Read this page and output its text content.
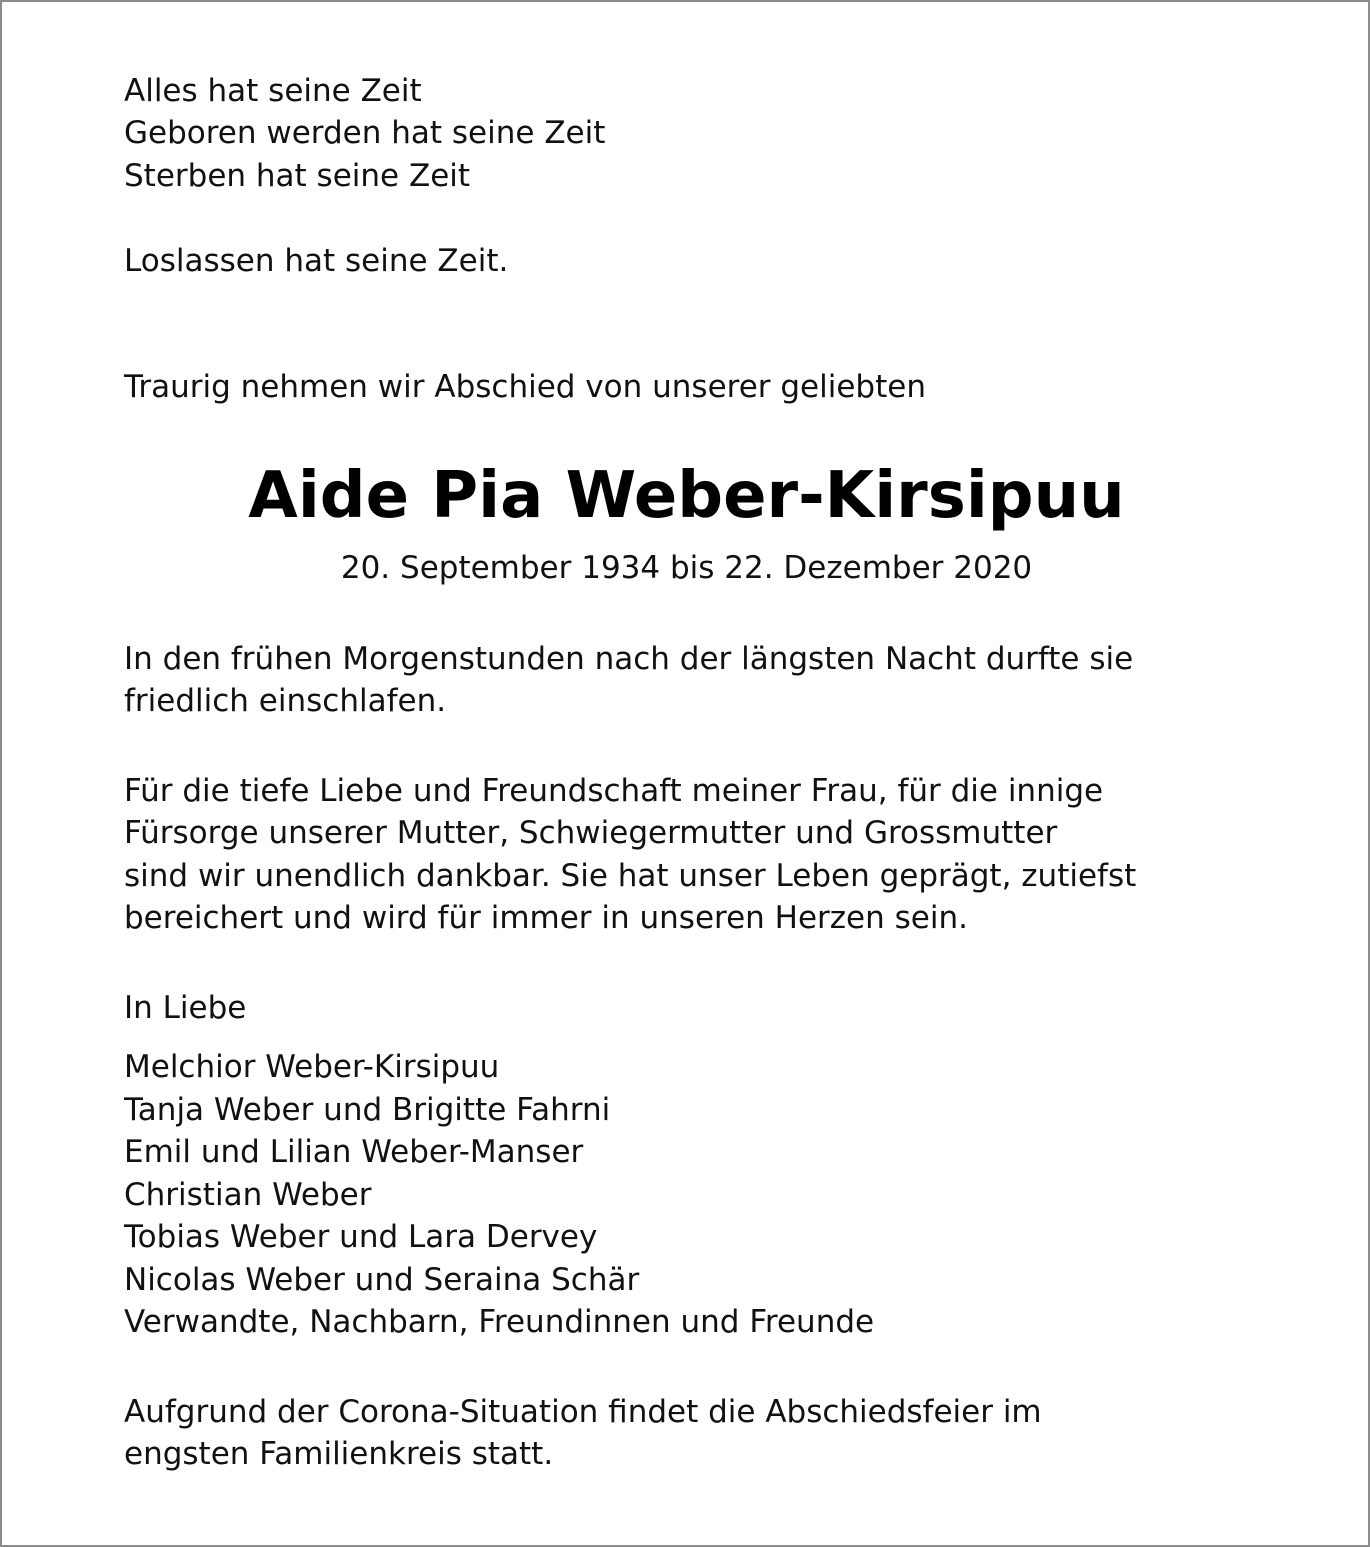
Alles hat seine Zeit
Geboren werden hat seine Zeit
Sterben hat seine Zeit
Loslassen hat seine Zeit.
Traurig nehmen wir Abschied von unserer geliebten
Aide Pia Weber-Kirsipuu
20. September 1934 bis 22. Dezember 2020
In den frühen Morgenstunden nach der längsten Nacht durfte sie
friedlich einschlafen.
Für die tiefe Liebe und Freundschaft meiner Frau, für die innige
Fürsorge unserer Mutter, Schwiegermutter und Grossmutter
sind wir unendlich dankbar. Sie hat unser Leben geprägt, zutiefst
bereichert und wird für immer in unseren Herzen sein.
In Liebe
Melchior Weber-Kirsipuu
Tanja Weber und Brigitte Fahrni
Emil und Lilian Weber-Manser
Christian Weber
Tobias Weber und Lara Dervey
Nicolas Weber und Seraina Schär
Verwandte, Nachbarn, Freundinnen und Freunde
Aufgrund der Corona-Situation findet die Abschiedsfeier im
engsten Familienkreis statt.
